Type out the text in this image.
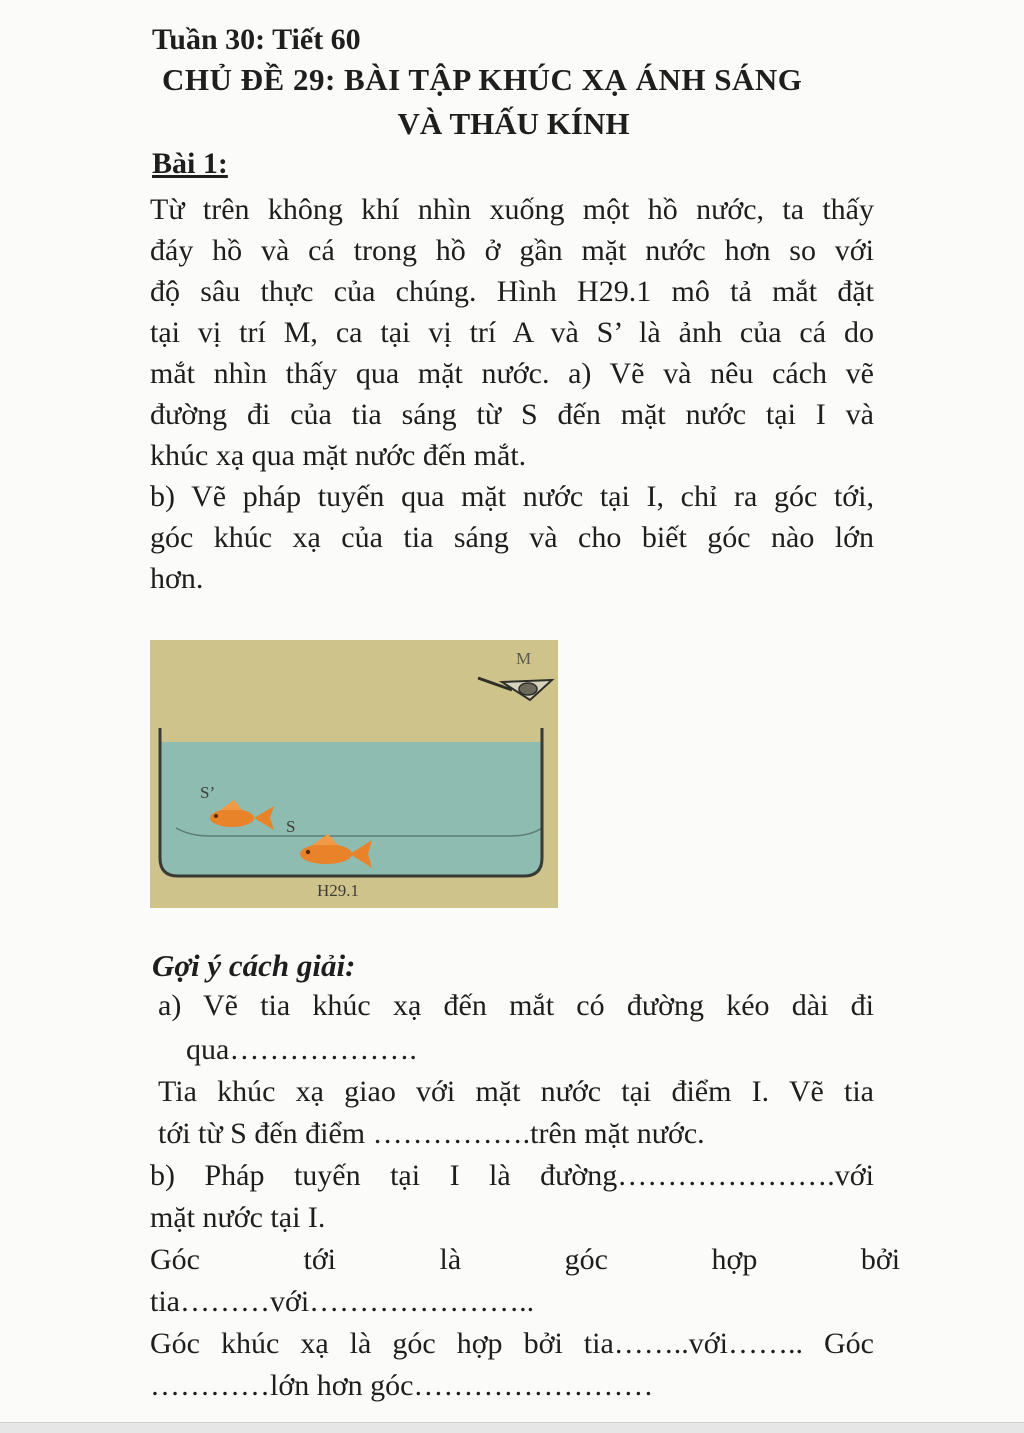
Tuần 30: Tiết 60
CHỦ ĐỀ 29: BÀI TẬP KHÚC XẠ ÁNH SÁNG
VÀ THẤU KÍNH
Bài 1:
Từ trên không khí nhìn xuống một hồ nước, ta thấy
đáy hồ và cá trong hồ ở gần mặt nước hơn so với
độ sâu thực của chúng. Hình H29.1 mô tả mắt đặt
tại vị trí M, ca tại vị trí A và S’ là ảnh của cá do
mắt nhìn thấy qua mặt nước. a) Vẽ và nêu cách vẽ
đường đi của tia sáng từ S đến mặt nước tại I và
khúc xạ qua mặt nước đến mắt.
b) Vẽ pháp tuyến qua mặt nước tại I, chỉ ra góc tới,
góc khúc xạ của tia sáng và cho biết góc nào lớn
hơn.
M
S’
S
H29.1
Gợi ý cách giải:
a) Vẽ tia khúc xạ đến mắt có đường kéo dài đi
qua……………….
Tia khúc xạ giao với mặt nước tại điểm I. Vẽ tia
tới từ S đến điểm …………….trên mặt nước.
b) Pháp tuyến tại I là đường………………….với
mặt nước tại I.
Góc tới là góc hợp bởi
tia………với…………………..
Góc khúc xạ là góc hợp bởi tia……..với…….. Góc
…………lớn hơn góc……………………
